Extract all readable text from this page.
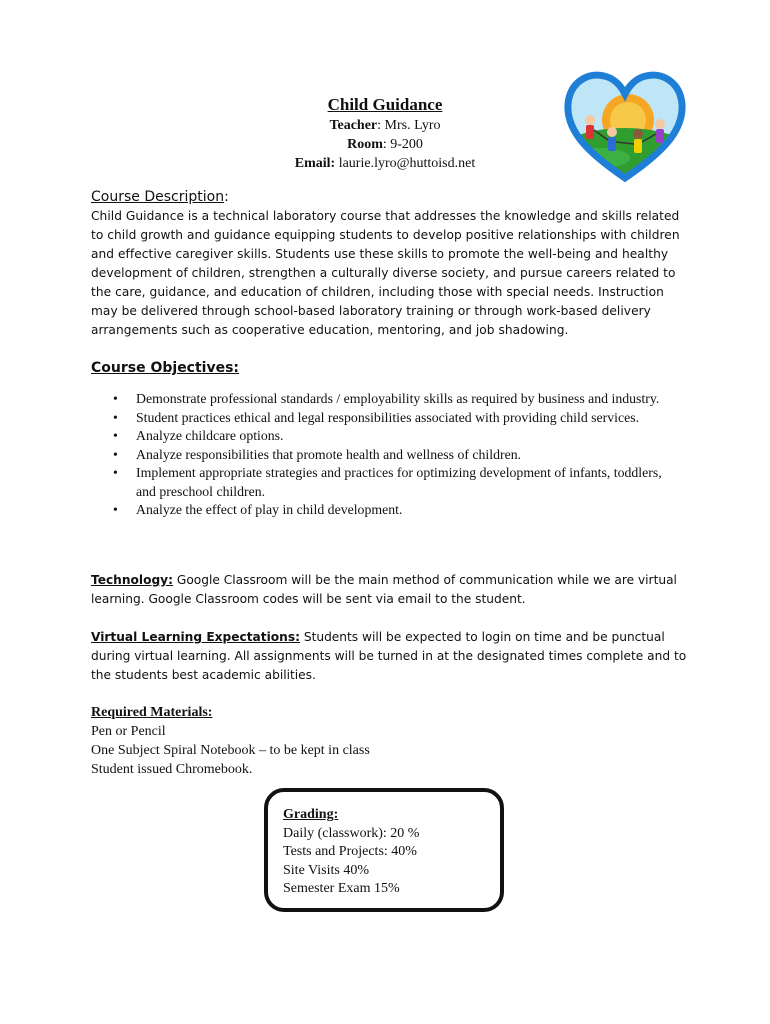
Child Guidance
Teacher: Mrs. Lyro
Room: 9-200
Email: laurie.lyro@huttoisd.net
Course Description:

Child Guidance is a technical laboratory course that addresses the knowledge and skills related to child growth and guidance equipping students to develop positive relationships with children and effective caregiver skills. Students use these skills to promote the well-being and healthy development of children, strengthen a culturally diverse society, and pursue careers related to the care, guidance, and education of children, including those with special needs. Instruction may be delivered through school-based laboratory training or through work-based delivery arrangements such as cooperative education, mentoring, and job shadowing.

Course Objectives:
• Demonstrate professional standards / employability skills as required by business and industry.
• Student practices ethical and legal responsibilities associated with providing child services.
• Analyze childcare options.
• Analyze responsibilities that promote health and wellness of children.
• Implement appropriate strategies and practices for optimizing development of infants, toddlers, and preschool children.
• Analyze the effect of play in child development.
Technology: Google Classroom will be the main method of communication while we are virtual learning. Google Classroom codes will be sent via email to the student.
Virtual Learning Expectations: Students will be expected to login on time and be punctual during virtual learning. All assignments will be turned in at the designated times complete and to the students best academic abilities.
Required Materials:
Pen or Pencil
One Subject Spiral Notebook – to be kept in class
Student issued Chromebook.
Grading:
Daily (classwork): 20 %
Tests and Projects: 40%
Site Visits 40%
Semester Exam 15%
